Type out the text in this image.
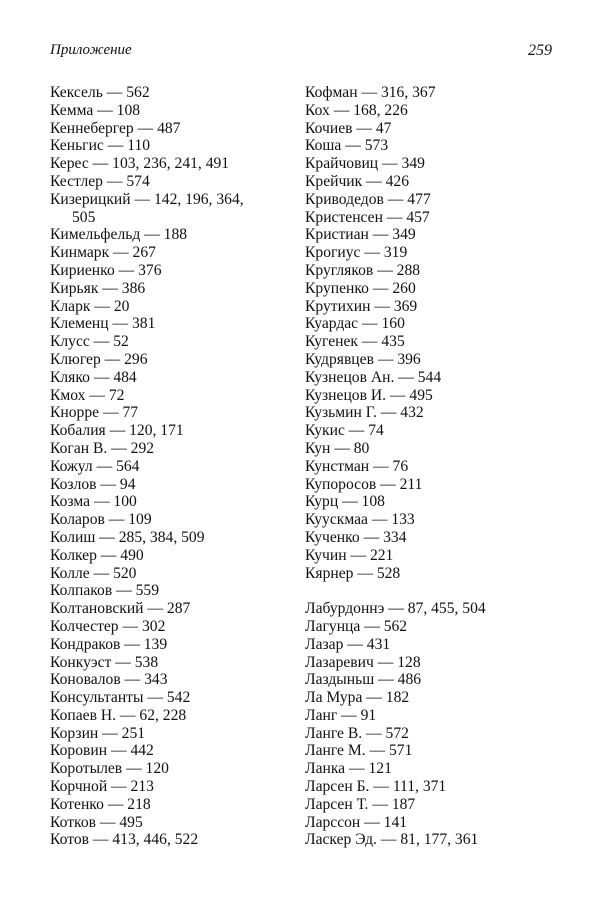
Приложение	259
Кексель — 562
Кемма — 108
Кеннебергер — 487
Кеньгис — 110
Керес — 103, 236, 241, 491
Кестлер — 574
Кизерицкий — 142, 196, 364,
505
Кимельфельд — 188
Кинмарк — 267
Кириенко — 376
Кирьяк — 386
Кларк — 20
Клеменц — 381
Клусс — 52
Клюгер — 296
Кляко — 484
Кмох — 72
Кнорре — 77
Кобалия — 120, 171
Коган В. — 292
Кожул — 564
Козлов — 94
Козма — 100
Коларов — 109
Колиш — 285, 384, 509
Колкер — 490
Колле — 520
Колпаков — 559
Колтановский — 287
Колчестер — 302
Кондраков — 139
Конкуэст — 538
Коновалов — 343
Консультанты — 542
Копаев Н. — 62, 228
Корзин — 251
Коровин — 442
Коротылев — 120
Корчной — 213
Котенко — 218
Котков — 495
Котов — 413, 446, 522
Кофман — 316, 367
Кох — 168, 226
Кочиев — 47
Коша — 573
Крайчовиц — 349
Крейчик — 426
Криводедов — 477
Кристенсен — 457
Кристиан — 349
Крогиус — 319
Кругляков — 288
Крупенко — 260
Крутихин — 369
Куардас — 160
Кугенек — 435
Кудрявцев — 396
Кузнецов Ан. — 544
Кузнецов И. — 495
Кузьмин Г. — 432
Кукис — 74
Кун — 80
Кунстман — 76
Купоросов — 211
Курц — 108
Куускмаа — 133
Кученко — 334
Кучин — 221
Кярнер — 528
Лабурдоннэ — 87, 455, 504
Лагунца — 562
Лазар — 431
Лазаревич — 128
Лаздыньш — 486
Ла Мура — 182
Ланг — 91
Ланге В. — 572
Ланге М. — 571
Ланка — 121
Ларсен Б. — 111, 371
Ларсен Т. — 187
Ларссон — 141
Ласкер Эд. — 81, 177, 361
